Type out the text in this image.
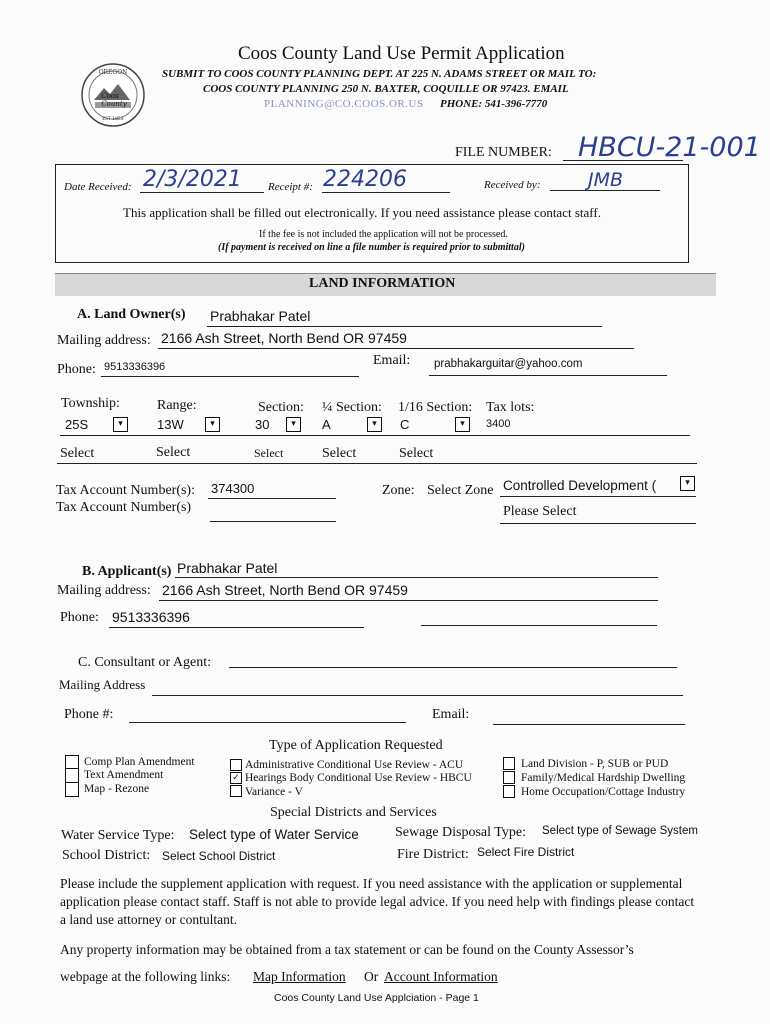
OREGON
Coos
County
EST 1853
Coos County Land Use Permit Application
SUBMIT TO COOS COUNTY PLANNING DEPT. AT 225 N. ADAMS STREET OR MAIL TO:
COOS COUNTY PLANNING 250 N. BAXTER, COQUILLE OR 97423. EMAIL
PLANNING@CO.COOS.OR.US PHONE: 541-396-7770
FILE NUMBER: HBCU-21-001
Date Received: 2/3/2021 Receipt #: 224206	Received by:	JMB
This application shall be filled out electronically. If you need assistance please contact staff.
If the fee is not included the application will not be processed.
(If payment is received on line a file number is required prior to submittal)
LAND INFORMATION
A. Land Owner(s) Prabhakar Patel
Mailing address: 2166 Ash Street, North Bend OR 97459
Phone: 9513336396	Email: prabhakarguitar@yahoo.com
Township:
25S	▾
Range:
13W	▾
Section:
30	▾
¼ Section:
A	▾
1/16 Section:
C	▾
Tax lots:
3400
Select	Select	Select	Select	Select
Tax Account Number(s): 374300
Tax Account Number(s)
Zone: Select Zone Controlled Development (	▾
Please Select
B. Applicant(s) Prabhakar Patel
Mailing address: 2166 Ash Street, North Bend OR 97459
Phone: 9513336396
C. Consultant or Agent:
Mailing Address
Phone #:	Email:
Type of Application Requested
Comp Plan Amendment
Text Amendment
Map - Rezone
✓
Administrative Conditional Use Review - ACU
Hearings Body Conditional Use Review - HBCU
Variance - V
Land Division - P, SUB or PUD
Family/Medical Hardship Dwelling
Home Occupation/Cottage Industry
Special Districts and Services
Water Service Type: Select type of Water Service	Sewage Disposal Type: Select type of Sewage System
School District: Select School District	Fire District: Select Fire District
Please include the supplement application with request. If you need assistance with the application or supplemental application please contact staff. Staff is not able to provide legal advice. If you need help with findings please contact a land use attorney or contultant.
Any property information may be obtained from a tax statement or can be found on the County Assessor’s
webpage at the following links: Map Information Or Account Information
Coos County Land Use Applciation - Page 1
